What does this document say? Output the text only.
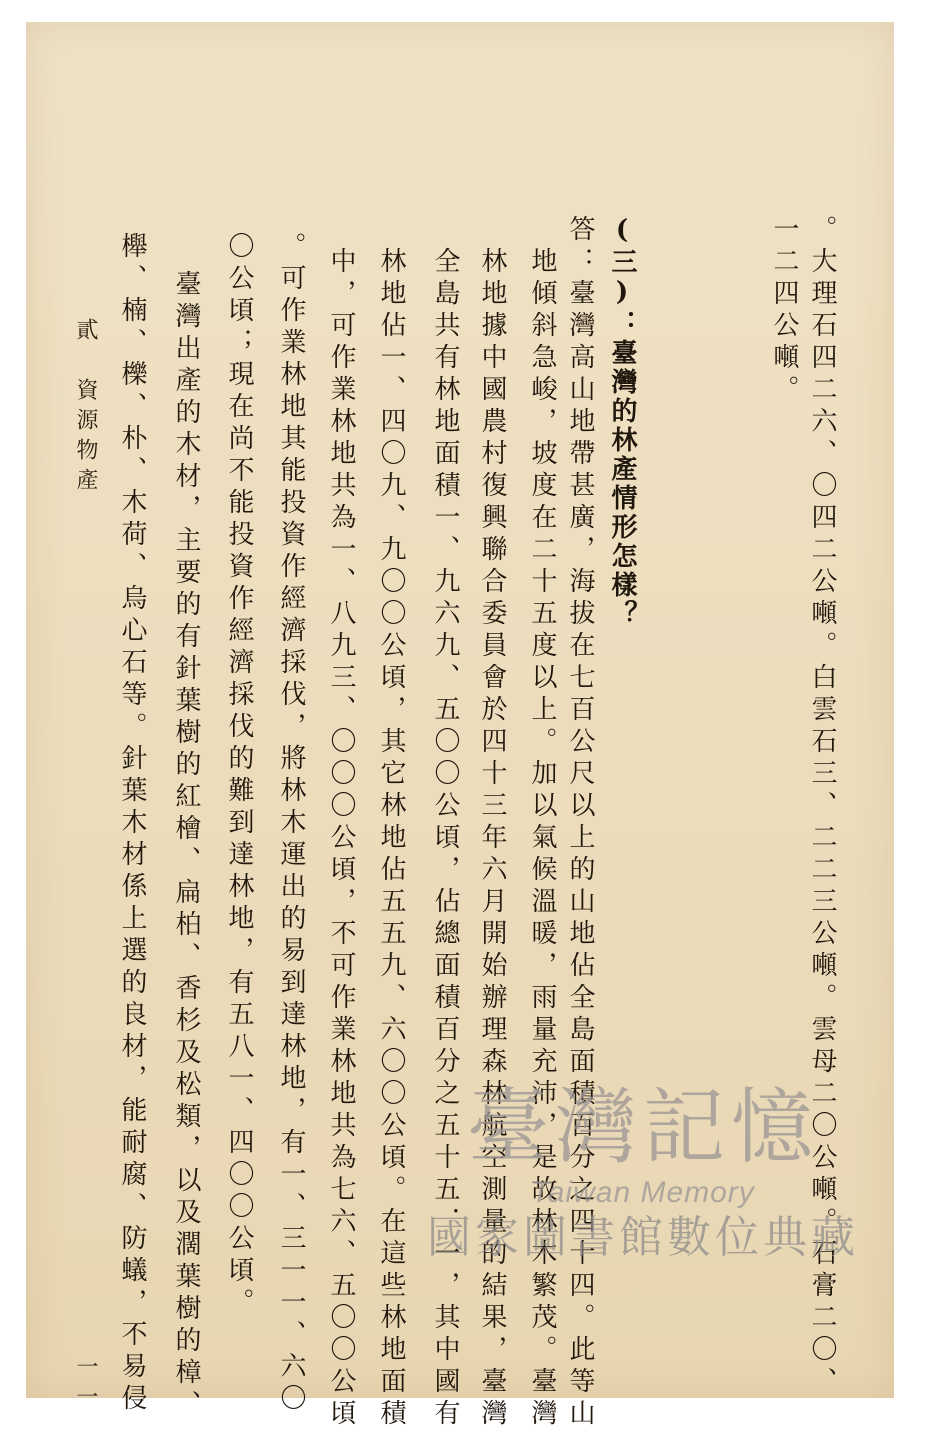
。大理石四二六、〇四二公噸。白雲石三、二二三公噸。雲母二〇公噸。石膏二〇、
一二四公噸。
(三)：臺灣的林產情形怎樣？
答：臺灣高山地帶甚廣，海拔在七百公尺以上的山地佔全島面積百分之四十四。此等山
地傾斜急峻，坡度在二十五度以上。加以氣候溫暖，雨量充沛，是故林木繁茂。臺灣
林地據中國農村復興聯合委員會於四十三年六月開始辦理森林航空測量的結果，臺灣
全島共有林地面積一、九六九、五〇〇公頃，佔總面積百分之五十五．一，其中國有
林地佔一、四〇九、九〇〇公頃，其它林地佔五五九、六〇〇公頃。在這些林地面積
中，可作業林地共為一、八九三、〇〇〇公頃，不可作業林地共為七六、五〇〇公頃
。可作業林地其能投資作經濟採伐，將林木運出的易到達林地，有一、三一一、六〇
〇公頃；現在尚不能投資作經濟採伐的難到達林地，有五八一、四〇〇公頃。
臺灣出產的木材，主要的有針葉樹的紅檜、扁柏、香杉及松類，以及濶葉樹的樟、
櫸、楠、櫟、朴、木荷、烏心石等。針葉木材係上選的良材，能耐腐、防蟻，不易侵
貳　資源物產
一一
臺灣記憶
Taiwan Memory
國家圖書館數位典藏
